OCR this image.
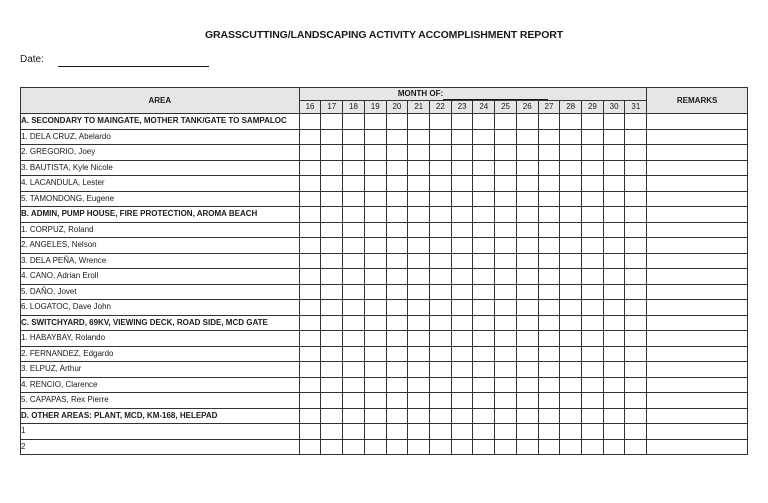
GRASSCUTTING/LANDSCAPING ACTIVITY ACCOMPLISHMENT REPORT
Date:
AREA	MONTH OF:																REMARKS
	16	17	18	19	20	21	22	23	24	25	26	27	28	29	30	31	
A. SECONDARY TO MAINGATE, MOTHER TANK/GATE TO SAMPALOC																	
1. DELA CRUZ, Abelardo																	
2. GREGORIO, Joey																	
3. BAUTISTA, Kyle Nicole																	
4. LACANDULA, Lester																	
5. TAMONDONG, Eugene																	
B. ADMIN, PUMP HOUSE, FIRE PROTECTION, AROMA BEACH																	
1. CORPUZ, Roland																	
2. ANGELES, Nelson																	
3. DELA PEÑA, Wrence																	
4. CANO, Adrian Eroll																	
5. DAÑO, Jovet																	
6. LOGATOC, Dave John																	
C. SWITCHYARD, 69KV, VIEWING DECK, ROAD SIDE, MCD GATE																	
1. HABAYBAY, Rolando																	
2. FERNANDEZ, Edgardo																	
3. ELPUZ, Arthur																	
4. RENCIO, Clarence																	
5. CAPAPAS, Rex Pierre																	
D. OTHER AREAS: PLANT, MCD, KM-168, HELEPAD																	
1																	
2																	
